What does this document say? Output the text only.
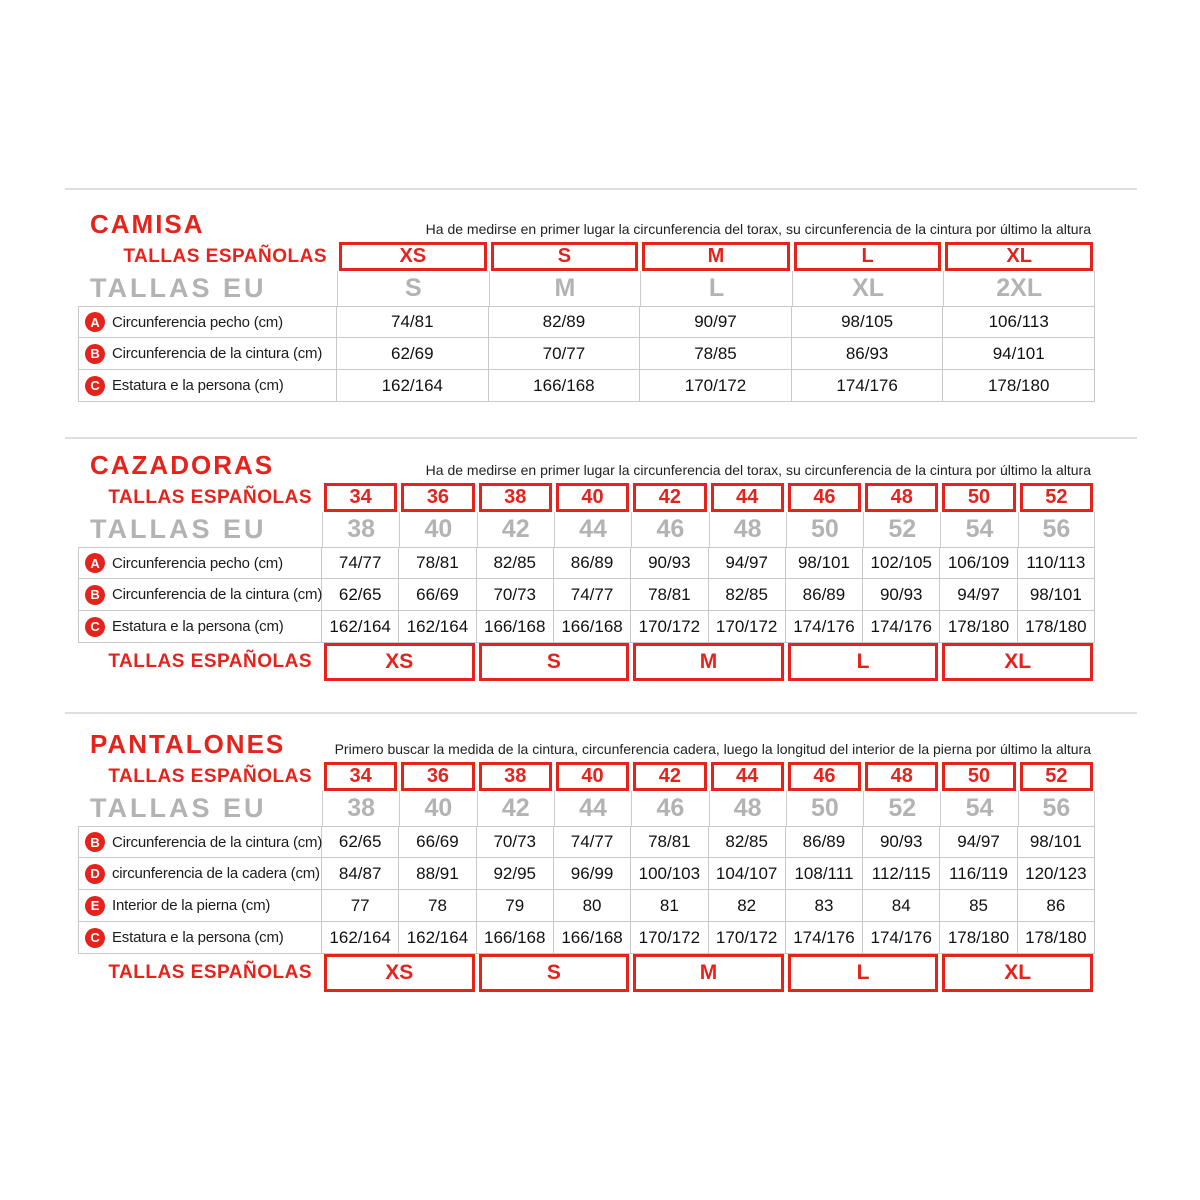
CAMISA	Ha de medirse en primer lugar la circunferencia del torax, su circunferencia de la cintura por último la altura

TALLAS ESPAÑOLAS	XS	S	M	L	XL
TALLAS EU	S	M	L	XL	2XL
A Circunferencia pecho (cm)	74/81	82/89	90/97	98/105	106/113
B Circunferencia de la cintura (cm)	62/69	70/77	78/85	86/93	94/101
C Estatura e la persona (cm)	162/164	166/168	170/172	174/176	178/180
CAZADORAS	Ha de medirse en primer lugar la circunferencia del torax, su circunferencia de la cintura por último la altura

TALLAS ESPAÑOLAS	34	36	38	40	42	44	46	48	50	52
TALLAS EU	38	40	42	44	46	48	50	52	54	56
A Circunferencia pecho (cm)	74/77	78/81	82/85	86/89	90/93	94/97	98/101	102/105 106/109	110/113
B Circunferencia de la cintura (cm) 62/65	66/69	70/73	74/77	78/81	82/85	86/89	90/93	94/97	98/101
C Estatura e la persona (cm)	162/164 162/164 166/168 166/168 170/172 170/172 174/176 174/176 178/180 178/180
TALLAS ESPAÑOLAS	XS	S	M	L	XL
PANTALONES	Primero buscar la medida de la cintura, circunferencia cadera, luego la longitud del interior de la pierna por último la altura

TALLAS ESPAÑOLAS	34	36	38	40	42	44	46	48	50	52
TALLAS EU	38	40	42	44	46	48	50	52	54	56
B Circunferencia de la cintura (cm) 62/65	66/69	70/73	74/77	78/81	82/85	86/89	90/93	94/97	98/101
D circunferencia de la cadera (cm)	84/87	88/91	92/95	96/99	100/103 104/107	108/111	112/115	116/119	120/123
E Interior de la pierna (cm)	77	78	79	80	81	82	83	84	85	86
C Estatura e la persona (cm)	162/164 162/164 166/168 166/168 170/172 170/172 174/176 174/176 178/180 178/180
TALLAS ESPAÑOLAS	XS	S	M	L	XL
